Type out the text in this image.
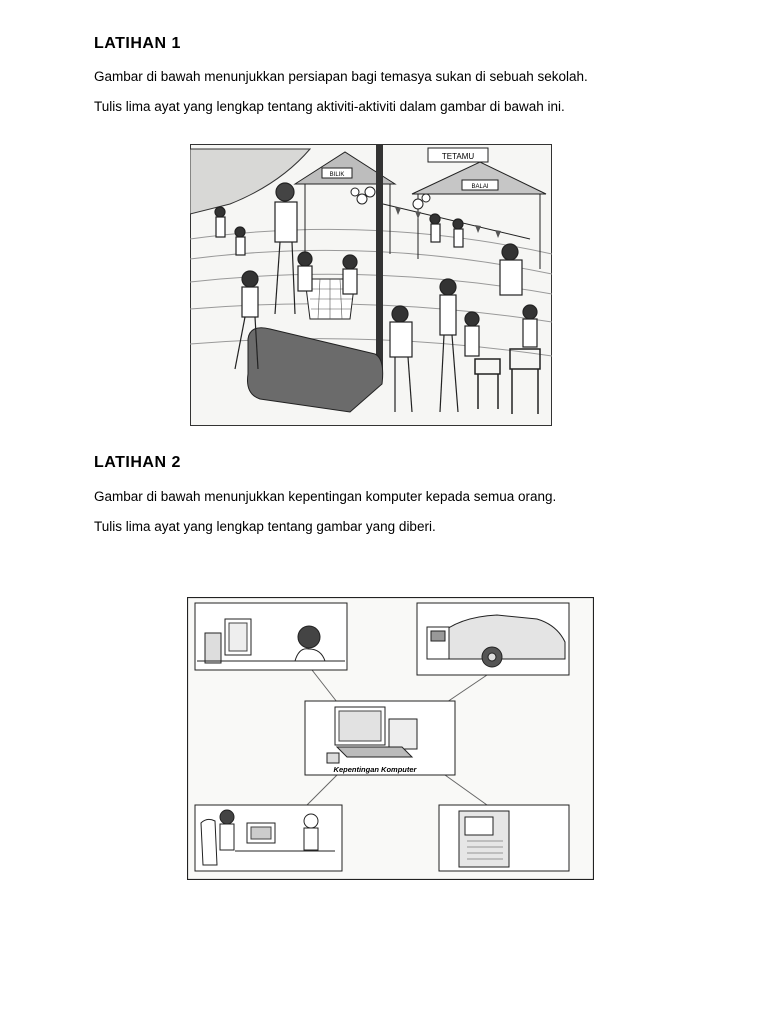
LATIHAN 1
Gambar di bawah menunjukkan persiapan bagi temasya sukan di sebuah sekolah.
Tulis lima ayat yang lengkap tentang aktiviti-aktiviti dalam gambar di bawah ini.
BILIK
BALAI
TETAMU
LATIHAN 2
Gambar di bawah menunjukkan kepentingan komputer kepada semua orang.
Tulis lima ayat yang lengkap tentang gambar yang diberi.
Kepentingan Komputer
